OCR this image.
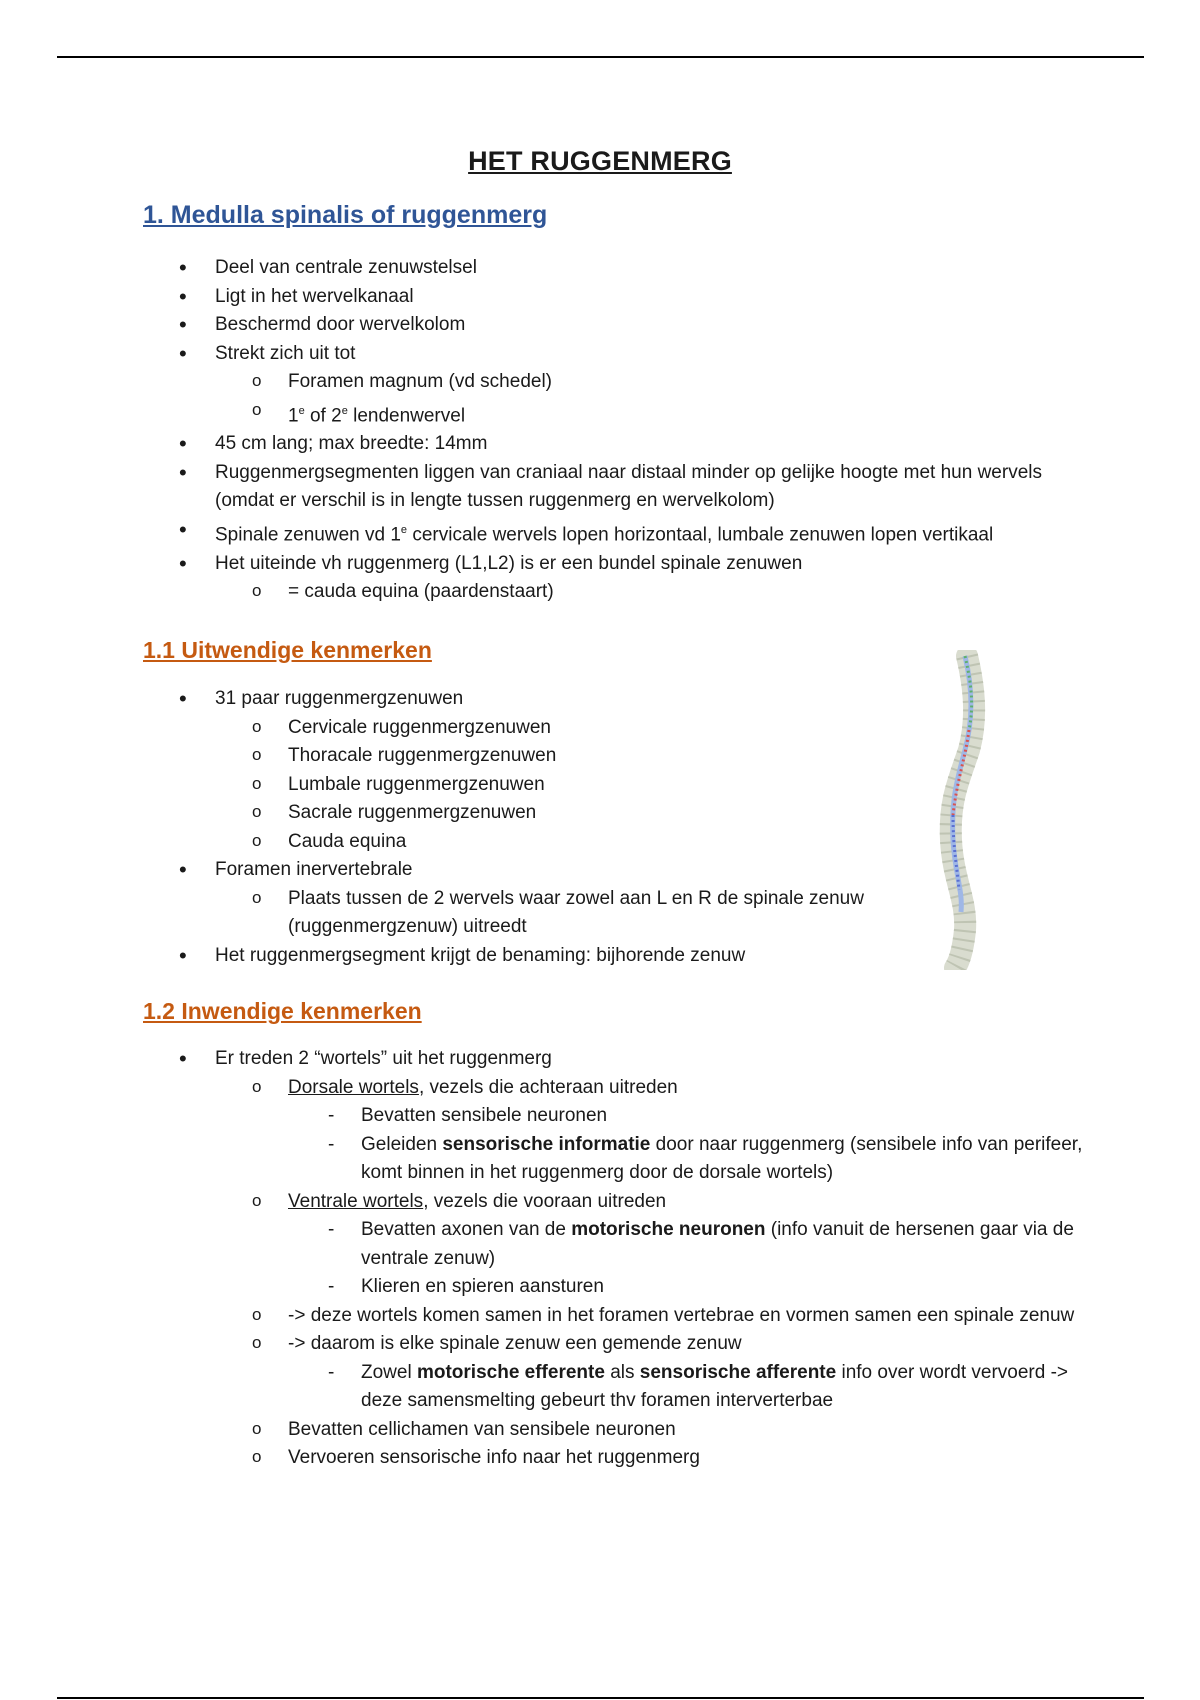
HET RUGGENMERG
1. Medulla spinalis of ruggenmerg
• Deel van centrale zenuwstelsel
• Ligt in het wervelkanaal
• Beschermd door wervelkolom
• Strekt zich uit tot
o Foramen magnum (vd schedel)
o 1e of 2e lendenwervel
• 45 cm lang; max breedte: 14mm
• Ruggenmergsegmenten liggen van craniaal naar distaal minder op gelijke hoogte met hun wervels (omdat er verschil is in lengte tussen ruggenmerg en wervelkolom)
• Spinale zenuwen vd 1e cervicale wervels lopen horizontaal, lumbale zenuwen lopen vertikaal
• Het uiteinde vh ruggenmerg (L1,L2) is er een bundel spinale zenuwen
o = cauda equina (paardenstaart)
1.1 Uitwendige kenmerken
• 31 paar ruggenmergzenuwen
o Cervicale ruggenmergzenuwen
o Thoracale ruggenmergzenuwen
o Lumbale ruggenmergzenuwen
o Sacrale ruggenmergzenuwen
o Cauda equina
• Foramen inervertebrale
o Plaats tussen de 2 wervels waar zowel aan L en R de spinale zenuw (ruggenmergzenuw) uitreedt
• Het ruggenmergsegment krijgt de benaming: bijhorende zenuw
1.2 Inwendige kenmerken
• Er treden 2 “wortels” uit het ruggenmerg
o Dorsale wortels, vezels die achteraan uitreden
- Bevatten sensibele neuronen
- Geleiden sensorische informatie door naar ruggenmerg (sensibele info van perifeer, komt binnen in het ruggenmerg door de dorsale wortels)
o Ventrale wortels, vezels die vooraan uitreden
- Bevatten axonen van de motorische neuronen (info vanuit de hersenen gaar via de ventrale zenuw)
- Klieren en spieren aansturen
o -> deze wortels komen samen in het foramen vertebrae en vormen samen een spinale zenuw
o -> daarom is elke spinale zenuw een gemende zenuw
- Zowel motorische efferente als sensorische afferente info over wordt vervoerd -> deze samensmelting gebeurt thv foramen interverterbae
o Bevatten cellichamen van sensibele neuronen
o Vervoeren sensorische info naar het ruggenmerg
